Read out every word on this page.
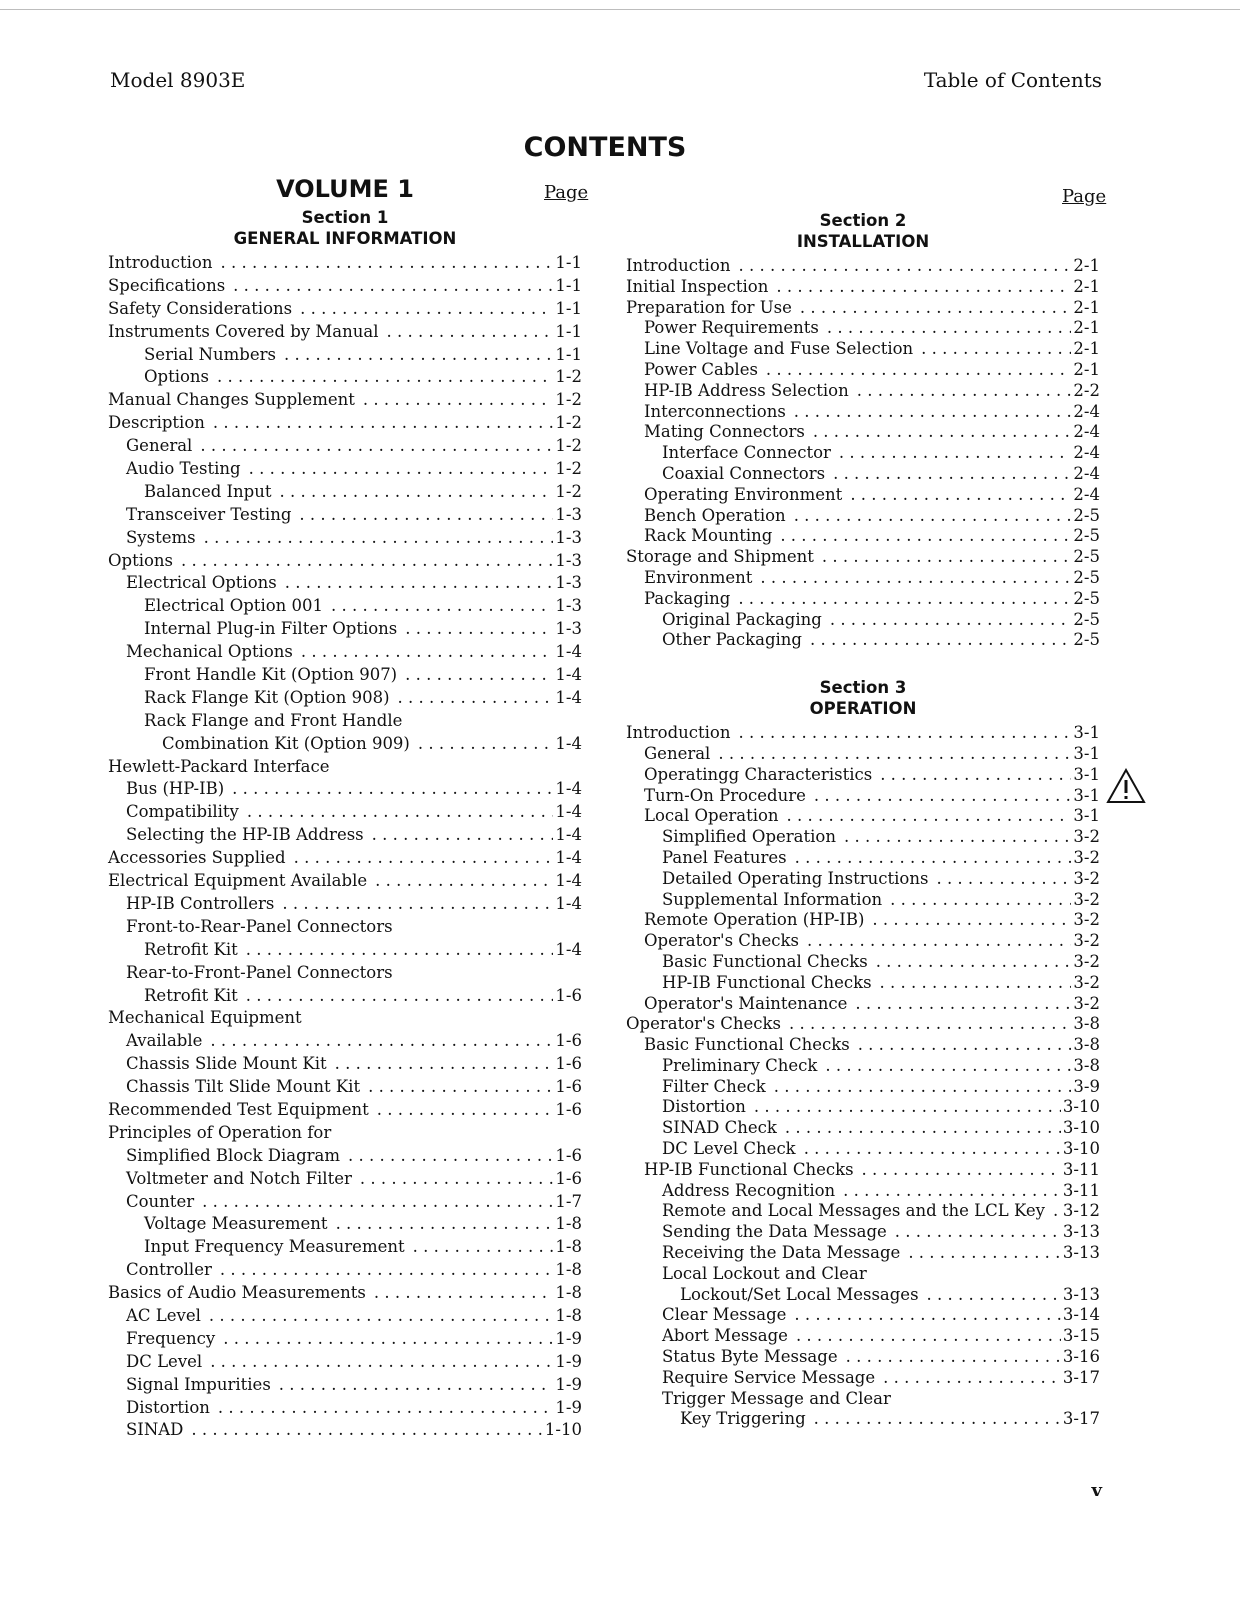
Model 8903E	Table of Contents
CONTENTS
VOLUME 1	Page	Page
Section 1
GENERAL INFORMATION
Introduction . . .	1-1
Specifications . . .	1-1
Safety Considerations . . .	1-1
Instruments Covered by Manual . . .	1-1
Serial Numbers . . .	1-1
Options . . .	1-2
Manual Changes Supplement . . .	1-2
Description . . .	1-2
General . . .	1-2
Audio Testing . . .	1-2
Balanced Input . . .	1-2
Transceiver Testing . . .	1-3
Systems . . .	1-3
Options . . .	1-3
Electrical Options . . .	1-3
Electrical Option 001 . . .	1-3
Internal Plug-in Filter Options . . .	1-3
Mechanical Options . . .	1-4
Front Handle Kit (Option 907) . . .	1-4
Rack Flange Kit (Option 908) . . .	1-4
Rack Flange and Front Handle
Combination Kit (Option 909) . . .	1-4
Hewlett-Packard Interface
Bus (HP-IB) . . .	1-4
Compatibility . . .	1-4
Selecting the HP-IB Address . . .	1-4
Accessories Supplied . . .	1-4
Electrical Equipment Available . . .	1-4
HP-IB Controllers . . .	1-4
Front-to-Rear-Panel Connectors
Retrofit Kit . . .	1-4
Rear-to-Front-Panel Connectors
Retrofit Kit . . .	1-6
Mechanical Equipment
Available . . .	1-6
Chassis Slide Mount Kit . . .	1-6
Chassis Tilt Slide Mount Kit . . .	1-6
Recommended Test Equipment . . .	1-6
Principles of Operation for
Simplified Block Diagram . . .	1-6
Voltmeter and Notch Filter . . .	1-6
Counter . . .	1-7
Voltage Measurement . . .	1-8
Input Frequency Measurement . . .	1-8
Controller . . .	1-8
Basics of Audio Measurements . . .	1-8
AC Level . . .	1-8
Frequency . . .	1-9
DC Level . . .	1-9
Signal Impurities . . .	1-9
Distortion . . .	1-9
SINAD . . .	1-10
Section 2
INSTALLATION
Introduction . . .	2-1
Initial Inspection . . .	2-1
Preparation for Use . . .	2-1
Power Requirements . . .	2-1
Line Voltage and Fuse Selection . . .	2-1
Power Cables . . .	2-1
HP-IB Address Selection . . .	2-2
Interconnections . . .	2-4
Mating Connectors . . .	2-4
Interface Connector . . .	2-4
Coaxial Connectors . . .	2-4
Operating Environment . . .	2-4
Bench Operation . . .	2-5
Rack Mounting . . .	2-5
Storage and Shipment . . .	2-5
Environment . . .	2-5
Packaging . . .	2-5
Original Packaging . . .	2-5
Other Packaging . . .	2-5
Section 3
OPERATION
Introduction . . .	3-1
General . . .	3-1
Operatingg Characteristics . . .	3-1
Turn-On Procedure . . .	3-1
Local Operation . . .	3-1
Simplified Operation . . .	3-2
Panel Features . . .	3-2
Detailed Operating Instructions . . .	3-2
Supplemental Information . . .	3-2
Remote Operation (HP-IB) . . .	3-2
Operator's Checks . . .	3-2
Basic Functional Checks . . .	3-2
HP-IB Functional Checks . . .	3-2
Operator's Maintenance . . .	3-2
Operator's Checks . . .	3-8
Basic Functional Checks . . .	3-8
Preliminary Check . . .	3-8
Filter Check . . .	3-9
Distortion . . .	3-10
SINAD Check . . .	3-10
DC Level Check . . .	3-10
HP-IB Functional Checks . . .	3-11
Address Recognition . . .	3-11
Remote and Local Messages and the LCL Key . . . 3-12
Sending the Data Message . . .	3-13
Receiving the Data Message . . .	3-13
Local Lockout and Clear
Lockout/Set Local Messages . . .	3-13
Clear Message . . .	3-14
Abort Message . . .	3-15
Status Byte Message . . .	3-16
Require Service Message . . .	3-17
Trigger Message and Clear
Key Triggering . . .	3-17
v
